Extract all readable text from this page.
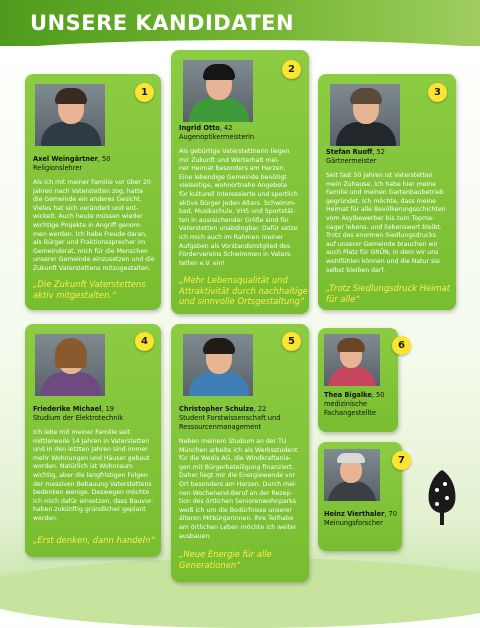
UNSERE KANDIDATEN
Axel Weingärtner, 50
Religionslehrer
Als ich mit meiner Familie vor über 20
Jahren nach Vaterstetten zog, hatte
die Gemeinde ein anderes Gesicht.
Vieles hat sich verändert und ent-
wickelt. Auch heute müssen wieder
wichtige Projekte in Angriff genom-
men werden. Ich habe Freude daran,
als Bürger und Fraktionssprecher im
Gemeinderat, mich für die Menschen
unserer Gemeinde einzusetzen und die
Zukunft Vaterstettens mitzugestalten.
„Die Zukunft Vaterstettens
aktiv mitgestalten.“
1
Ingrid Otto, 42
Augenoptikermeisterin
Als gebürtige Vaterstettnerin liegen
mir Zukunft und Werterhalt mei-
ner Heimat besonders am Herzen.
Eine lebendige Gemeinde benötigt
vielseitige, wohnortnahe Angebote
für kulturell Interessierte und sportlich
aktive Bürger jeden Alters. Schwimm-
bad, Musikschule, VHS und Sportstät-
ten in ausreichender Größe sind für
Vaterstetten unabdingbar. Dafür setze
ich mich auch im Rahmen meiner
Aufgaben als Vorstandsmitglied des
Fördervereins Schwimmen in Vaters-
tetten e.V. ein!
„Mehr Lebensqualität und
Attraktivität durch nachhaltige
und sinnvolle Ortsgestaltung“
2
Stefan Ruoff, 52
Gärtnermeister
Seit fast 50 Jahren ist Vaterstetten
mein Zuhause. Ich habe hier meine
Familie und meinen Gartenbaubetrieb
gegründet. Ich möchte, dass meine
Heimat für alle Bevölkerungsschichten
vom Asylbewerber bis zum Topma-
nager lebens- und liebenswert bleibt.
Trotz des enormen Siedlungsdrucks
auf unserer Gemeinde brauchen wir
auch Platz für GRÜN, in dem wir uns
wohlfühlen können und die Natur sie
selbst bleiben darf.
„Trotz Siedlungsdruck Heimat
für alle“
3
Friederike Michael, 19
Studium der Elektrotechnik
Ich lebe mit meiner Familie seit
mittlerweile 14 Jahren in Vaterstetten
und in den letzten Jahren sind immer
mehr Wohnungen und Häuser gebaut
worden. Natürlich ist Wohnraum
wichtig, aber die langfristigen Folgen
der massiven Bebauung Vaterstettens
bedenken wenige. Deswegen möchte
ich mich dafür einsetzen, dass Bauvor-
haben zukünftig gründlicher geplant
werden.
„Erst denken, dann handeln“
4
Christopher Schulze, 22
Student Forstwissenschaft und
Ressourcenmanagement
Neben meinem Studium an der TU
München arbeite ich als Werksstudent
für die Wedis AG, die Windkraftanla-
gen mit Bürgerbeteiligung finanziert.
Daher liegt mir die Energiewende vor
Ort besonders am Herzen. Durch mei-
nen Wochenend-Beruf an der Rezep-
tion des örtlichen Seniorenwohnparks
weiß ich um die Bedürfnisse unserer
älteren MitbürgerInnen. Ihre Teilhabe
am örtlichen Leben möchte ich weiter
ausbauen.
„Neue Energie für alle
Generationen“
5
Thea Bigalke, 50
medizinische
Fachangestellte
6
Heinz Vierthaler, 70
Meinungsforscher
7
